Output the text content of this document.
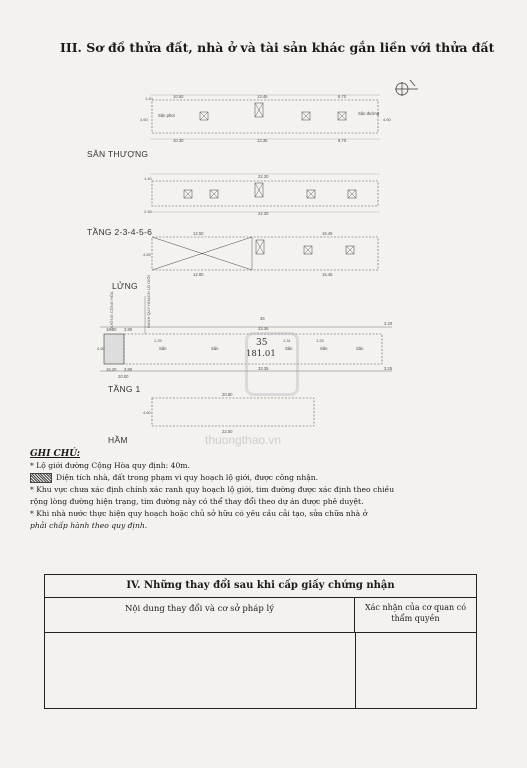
III. Sơ đồ thửa đất, nhà ở và tài sản khác gắn liền với thửa đất
10.50	13.45	8.70
10.30	13.35	8.70
1.40
4.60	4.60
Sân phơi	Sân đường
22.20
22.30
1.40
2.40
12.50	16.45
12.80	15.45
4.65
35
33.35
33.35
16.20 3.80
16.20 3.80
20.00
3.20
3.25
4.60
35
181.01
Sân	Sân	Sân	Sân	Sân
1.25	1.31	1.25
ĐƯỜNG CỘNG HÒA	RANH QUY HOẠCH LỘ GIỚI
20.80
22.50
4.60
SÂN THƯỢNG
TẦNG 2-3-4-5-6
LỬNG
TẦNG 1
HẦM	thuongthao.vn
GHI CHÚ:
* Lộ giới đường Cộng Hòa quy định: 40m.
Diện tích nhà, đất trong phạm vi quy hoạch lộ giới, được công nhận.
* Khu vực chưa xác định chính xác ranh quy hoạch lộ giới, tim đường được xác định theo chiều
rộng lòng đường hiện trạng, tim đường này có thể thay đổi theo dự án được phê duyệt.
* Khi nhà nước thực hiện quy hoạch hoặc chủ sở hữu có yêu cầu cải tạo, sửa chữa nhà ở
phải chấp hành theo quy định.
IV. Những thay đổi sau khi cấp giấy chứng nhận
Nội dung thay đổi và cơ sở pháp lý	Xác nhận của cơ quan có thẩm quyền
